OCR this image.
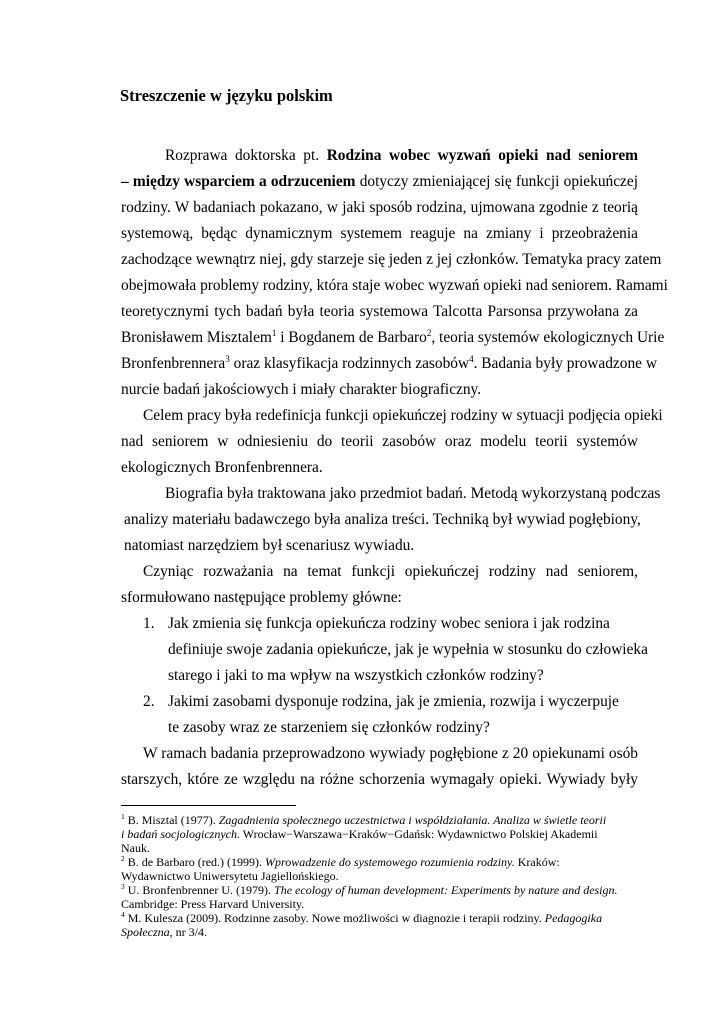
Streszczenie w języku polskim

Rozprawa doktorska pt. Rodzina wobec wyzwań opieki nad seniorem

– między wsparciem a odrzuceniem dotyczy zmieniającej się funkcji opiekuńczej

rodziny. W badaniach pokazano, w jaki sposób rodzina, ujmowana zgodnie z teorią

systemową, będąc dynamicznym systemem reaguje na zmiany i przeobrażenia

zachodzące wewnątrz niej, gdy starzeje się jeden z jej członków. Tematyka pracy zatem

obejmowała problemy rodziny, która staje wobec wyzwań opieki nad seniorem. Ramami

teoretycznymi tych badań była teoria systemowa Talcotta Parsonsa przywołana za

Bronisławem Misztalem$^1$ i Bogdanem de Barbaro$^2$, teoria systemów ekologicznych Urie

Bronfenbrennera$^3$ oraz klasyfikacja rodzinnych zasobów$^4$. Badania były prowadzone w

nurcie badań jakościowych i miały charakter biograficzny.

Celem pracy była redefinicja funkcji opiekuńczej rodziny w sytuacji podjęcia opieki

nad seniorem w odniesieniu do teorii zasobów oraz modelu teorii systemów

ekologicznych Bronfenbrennera.

Biografia była traktowana jako przedmiot badań. Metodą wykorzystaną podczas

analizy materiału badawczego była analiza treści. Techniką był wywiad pogłębiony,

natomiast narzędziem był scenariusz wywiadu.

Czyniąc rozważania na temat funkcji opiekuńczej rodziny nad seniorem,

sformułowano następujące problemy główne:

1. Jak zmienia się funkcja opiekuńcza rodziny wobec seniora i jak rodzina

definiuje swoje zadania opiekuńcze, jak je wypełnia w stosunku do człowieka

starego i jaki to ma wpływ na wszystkich członków rodziny?

2. Jakimi zasobami dysponuje rodzina, jak je zmienia, rozwija i wyczerpuje

te zasoby wraz ze starzeniem się członków rodziny?

W ramach badania przeprowadzono wywiady pogłębione z 20 opiekunami osób

starszych, które ze względu na różne schorzenia wymagały opieki. Wywiady były

$^1$ B. Misztal (1977). Zagadnienia społecznego uczestnictwa i współdziałania. Analiza w świetle teorii

i badań socjologicznych. Wrocław−Warszawa−Kraków−Gdańsk: Wydawnictwo Polskiej Akademii

Nauk.

$^2$ B. de Barbaro (red.) (1999). Wprowadzenie do systemowego rozumienia rodziny. Kraków:

Wydawnictwo Uniwersytetu Jagiellońskiego.

$^3$ U. Bronfenbrenner U. (1979). The ecology of human development: Experiments by nature and design.

Cambridge: Press Harvard University.

$^4$ M. Kulesza (2009). Rodzinne zasoby. Nowe możliwości w diagnozie i terapii rodziny. Pedagogika

Społeczna, nr 3/4.
